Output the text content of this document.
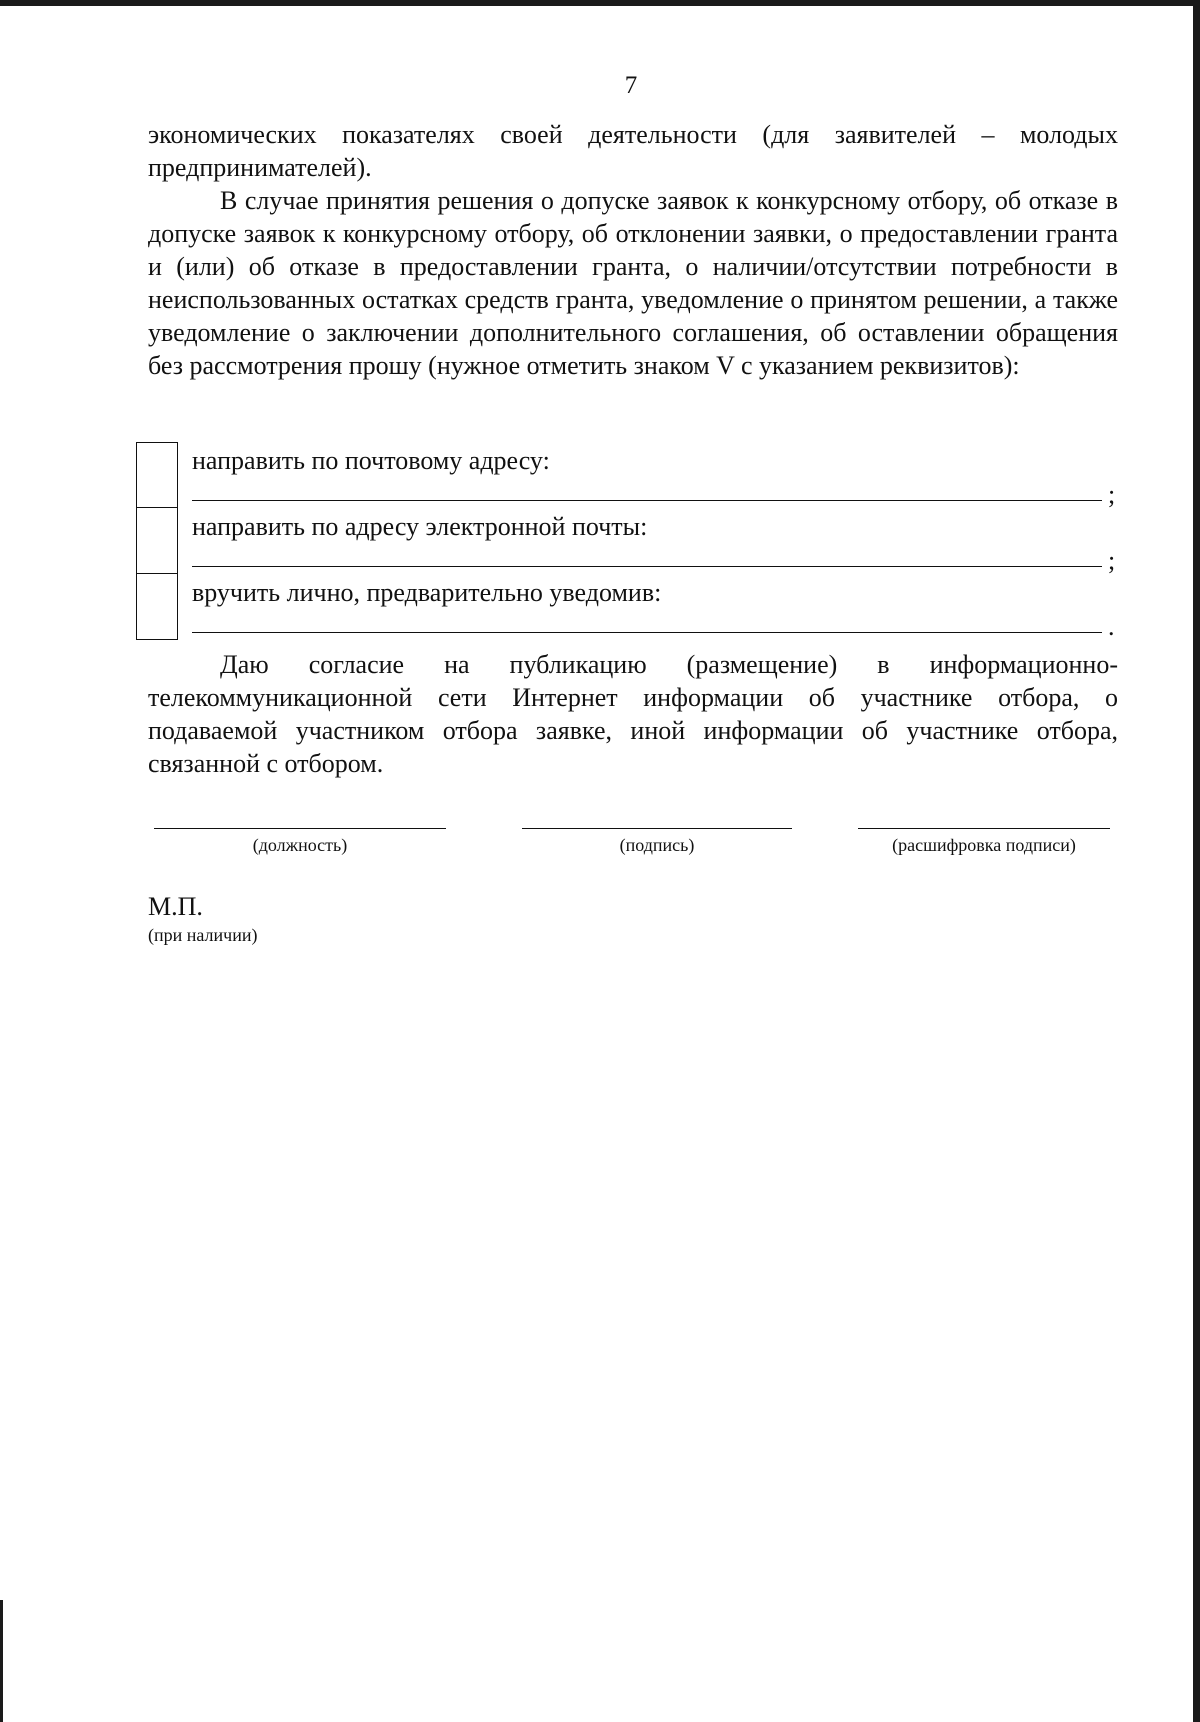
7

экономических показателях своей деятельности (для заявителей – молодых предпринимателей).

В случае принятия решения о допуске заявок к конкурсному отбору, об отказе в допуске заявок к конкурсному отбору, об отклонении заявки, о предоставлении гранта и (или) об отказе в предоставлении гранта, о наличии/отсутствии потребности в неиспользованных остатках средств гранта, уведомление о принятом решении, а также уведомление о заключении дополнительного соглашения, об оставлении обращения без рассмотрения прошу (нужное отметить знаком V с указанием реквизитов):

направить по почтовому адресу:
;
направить по адресу электронной почты:
;
вручить лично, предварительно уведомив:
.

Даю согласие на публикацию (размещение) в информационно-телекоммуникационной сети Интернет информации об участнике отбора, о подаваемой участником отбора заявке, иной информации об участнике отбора, связанной с отбором.

(должность)	(подпись)	(расшифровка подписи)
М.П.
(при наличии)
